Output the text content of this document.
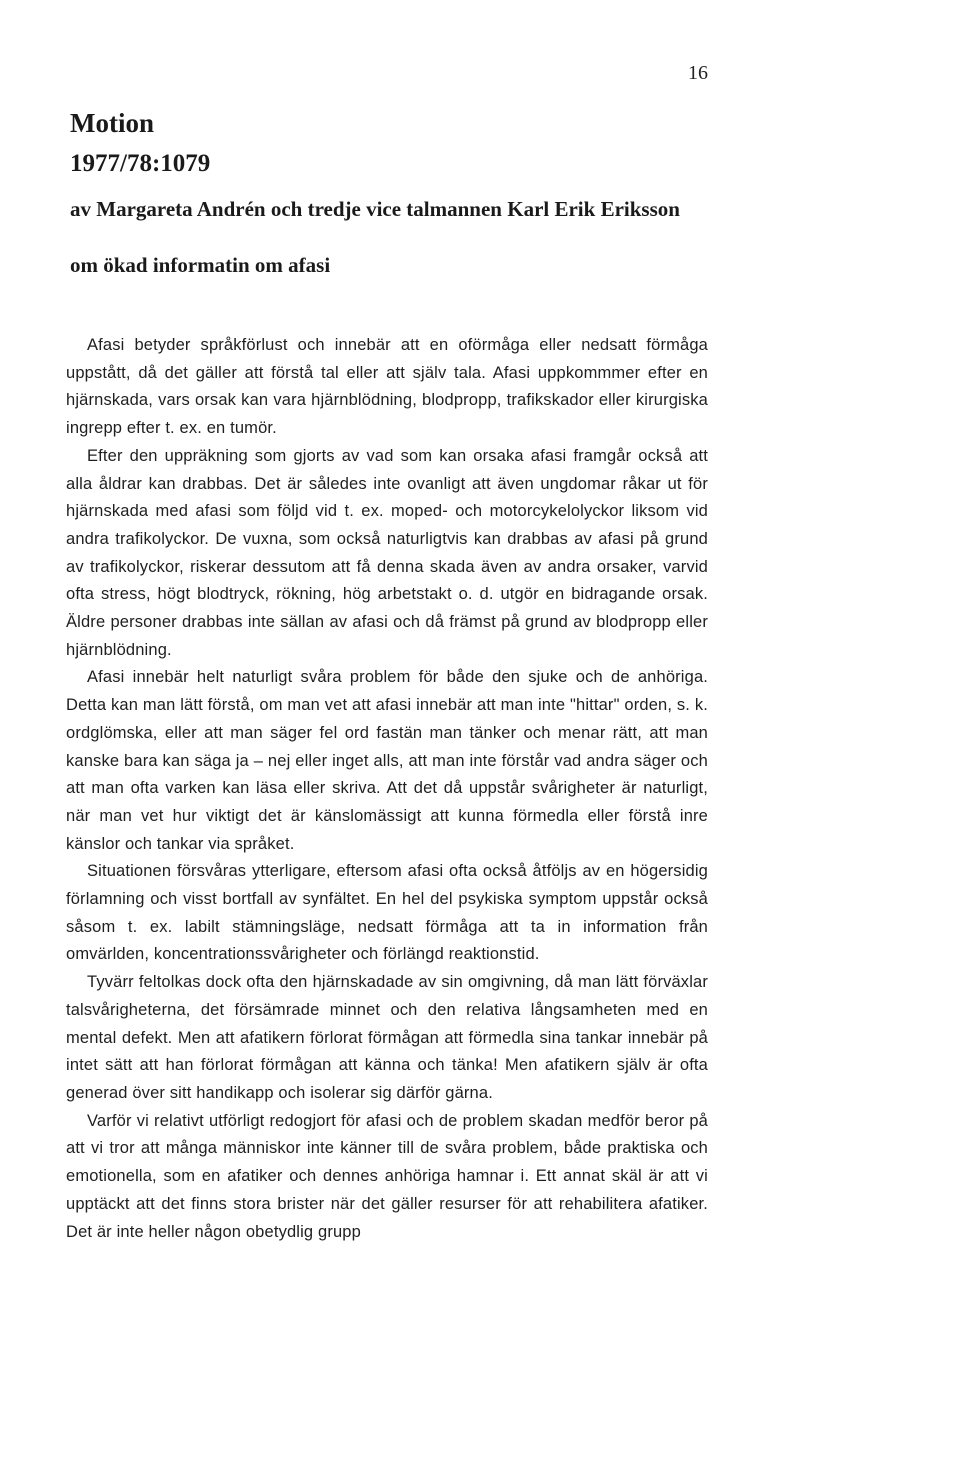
16
Motion
1977/78:1079

av Margareta Andrén och tredje vice talmannen Karl Erik Eriksson

om ökad informatin om afasi

Afasi betyder språkförlust och innebär att en oförmåga eller nedsatt förmåga uppstått, då det gäller att förstå tal eller att själv tala. Afasi uppkommmer efter en hjärnskada, vars orsak kan vara hjärnblödning, blodpropp, trafikskador eller kirurgiska ingrepp efter t. ex. en tumör.

Efter den uppräkning som gjorts av vad som kan orsaka afasi framgår också att alla åldrar kan drabbas. Det är således inte ovanligt att även ungdomar råkar ut för hjärnskada med afasi som följd vid t. ex. moped- och motorcykelolyckor liksom vid andra trafikolyckor. De vuxna, som också naturligtvis kan drabbas av afasi på grund av trafikolyckor, riskerar dessutom att få denna skada även av andra orsaker, varvid ofta stress, högt blodtryck, rökning, hög arbetstakt o. d. utgör en bidragande orsak. Äldre personer drabbas inte sällan av afasi och då främst på grund av blodpropp eller hjärnblödning.

Afasi innebär helt naturligt svåra problem för både den sjuke och de anhöriga. Detta kan man lätt förstå, om man vet att afasi innebär att man inte "hittar" orden, s. k. ordglömska, eller att man säger fel ord fastän man tänker och menar rätt, att man kanske bara kan säga ja – nej eller inget alls, att man inte förstår vad andra säger och att man ofta varken kan läsa eller skriva. Att det då uppstår svårigheter är naturligt, när man vet hur viktigt det är känslomässigt att kunna förmedla eller förstå inre känslor och tankar via språket.

Situationen försvåras ytterligare, eftersom afasi ofta också åtföljs av en högersidig förlamning och visst bortfall av synfältet. En hel del psykiska symptom uppstår också såsom t. ex. labilt stämningsläge, nedsatt förmåga att ta in information från omvärlden, koncentrationssvårigheter och förlängd reaktionstid.

Tyvärr feltolkas dock ofta den hjärnskadade av sin omgivning, då man lätt förväxlar talsvårigheterna, det försämrade minnet och den relativa långsamheten med en mental defekt. Men att afatikern förlorat förmågan att förmedla sina tankar innebär på intet sätt att han förlorat förmågan att känna och tänka! Men afatikern själv är ofta generad över sitt handikapp och isolerar sig därför gärna.

Varför vi relativt utförligt redogjort för afasi och de problem skadan medför beror på att vi tror att många människor inte känner till de svåra problem, både praktiska och emotionella, som en afatiker och dennes anhöriga hamnar i. Ett annat skäl är att vi upptäckt att det finns stora brister när det gäller resurser för att rehabilitera afatiker. Det är inte heller någon obetydlig grupp
